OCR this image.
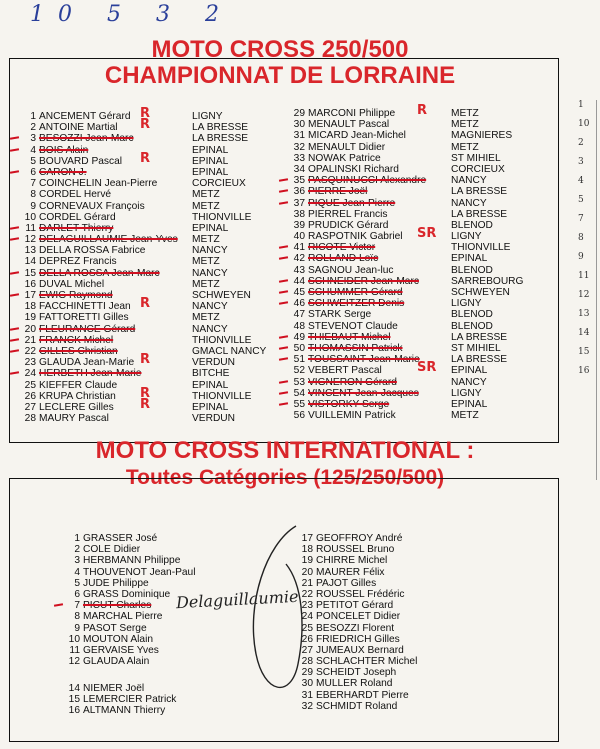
10 5 3 2
MOTO CROSS 250/500
CHAMPIONNAT DE LORRAINE
1 ANCEMENT Gérard	LIGNY
R
2 ANTOINE Martial	LA BRESSE
R
3 BESOZZI Jean-Marc	LA BRESSE
4 BOIS Alain	EPINAL
5 BOUVARD Pascal	EPINAL
R
6 CARON J.	EPINAL
7 COINCHELIN Jean-Pierre	CORCIEUX
8 CORDEL Hervé	METZ
9 CORNEVAUX François	METZ
10 CORDEL Gérard	THIONVILLE
11 DARLET Thierry	EPINAL
12 DELAGUILLAUMIE Jean-Yves METZ
13 DELLA ROSSA Fabrice	NANCY
14 DEPREZ Francis	METZ
15 DELLA ROSSA Jean-Marc	NANCY
16 DUVAL Michel	METZ
17 EWIG Raymond	SCHWEYEN
18 FACCHINETTI Jean	NANCY
R
19 FATTORETTI Gilles	METZ
20 FLEURANCE Gérard	NANCY
21 FRANCK Michel	THIONVILLE
22 GILLES Christian	GMACL NANCY
23 GLAUDA Jean-Marie	VERDUN
R
24 HERBETH Jean-Marie	BITCHE
25 KIEFFER Claude	EPINAL
26 KRUPA Christian	THIONVILLE
R
27 LECLERE Gilles	EPINAL
R
28 MAURY Pascal	VERDUN
29 MARCONI Philippe	METZ
R
30 MENAULT Pascal	METZ
31 MICARD Jean-Michel	MAGNIERES
32 MENAULT Didier	METZ
33 NOWAK Patrice	ST MIHIEL
34 OPALINSKI Richard	CORCIEUX
35 PASQUINUCCI Alexandre NANCY
36 PIERRE Joël	LA BRESSE
37 PIQUE Jean-Pierre	NANCY
38 PIERREL Francis	LA BRESSE
39 PRUDICK Gérard	BLENOD
40 RASPOTNIK Gabriel	LIGNY
SR
41 RICOTE Victor	THIONVILLE
42 ROLLAND Loïc	EPINAL
43 SAGNOU Jean-luc	BLENOD
44 SCHNEIDER Jean-Marc	SARREBOURG
45 SCHUMMER Gérard	SCHWEYEN
46 SCHWEITZER Denis	LIGNY
47 STARK Serge	BLENOD
48 STEVENOT Claude	BLENOD
49 THIEBAUT Michel	LA BRESSE
50 THOMASSIN Patrick	ST MIHIEL
51 TOUSSAINT Jean-Marie	LA BRESSE
52 VEBERT Pascal	EPINAL
SR
53 VIGNERON Gérard	NANCY
54 VINCENT Jean-Jacques	LIGNY
55 VISTORKY Serge	EPINAL
56 VUILLEMIN Patrick	METZ
1
10
2
3
4
5
7
8
9
11
12
13
14
15
16
MOTO CROSS INTERNATIONAL :
Toutes Catégories (125/250/500)
1 GRASSER José
2 COLE Didier
3 HERBMANN Philippe
4 THOUVENOT Jean-Paul
5 JUDE Philippe
6 GRASS Dominique
7 PICUT Charles
8 MARCHAL Pierre
9 PASOT Serge
10 MOUTON Alain
11 GERVAISE Yves
12 GLAUDA Alain
14 NIEMER Joël
15 LEMERCIER Patrick
16 ALTMANN Thierry
17 GEOFFROY André
18 ROUSSEL Bruno
19 CHIRRE Michel
20 MAURER Félix
21 PAJOT Gilles
22 ROUSSEL Frédéric
23 PETITOT Gérard
24 PONCELET Didier
25 BESOZZI Florent
26 FRIEDRICH Gilles
27 JUMEAUX Bernard
28 SCHLACHTER Michel
29 SCHEIDT Joseph
30 MULLER Roland
31 EBERHARDT Pierre
32 SCHMIDT Roland
Delaguillaumie
